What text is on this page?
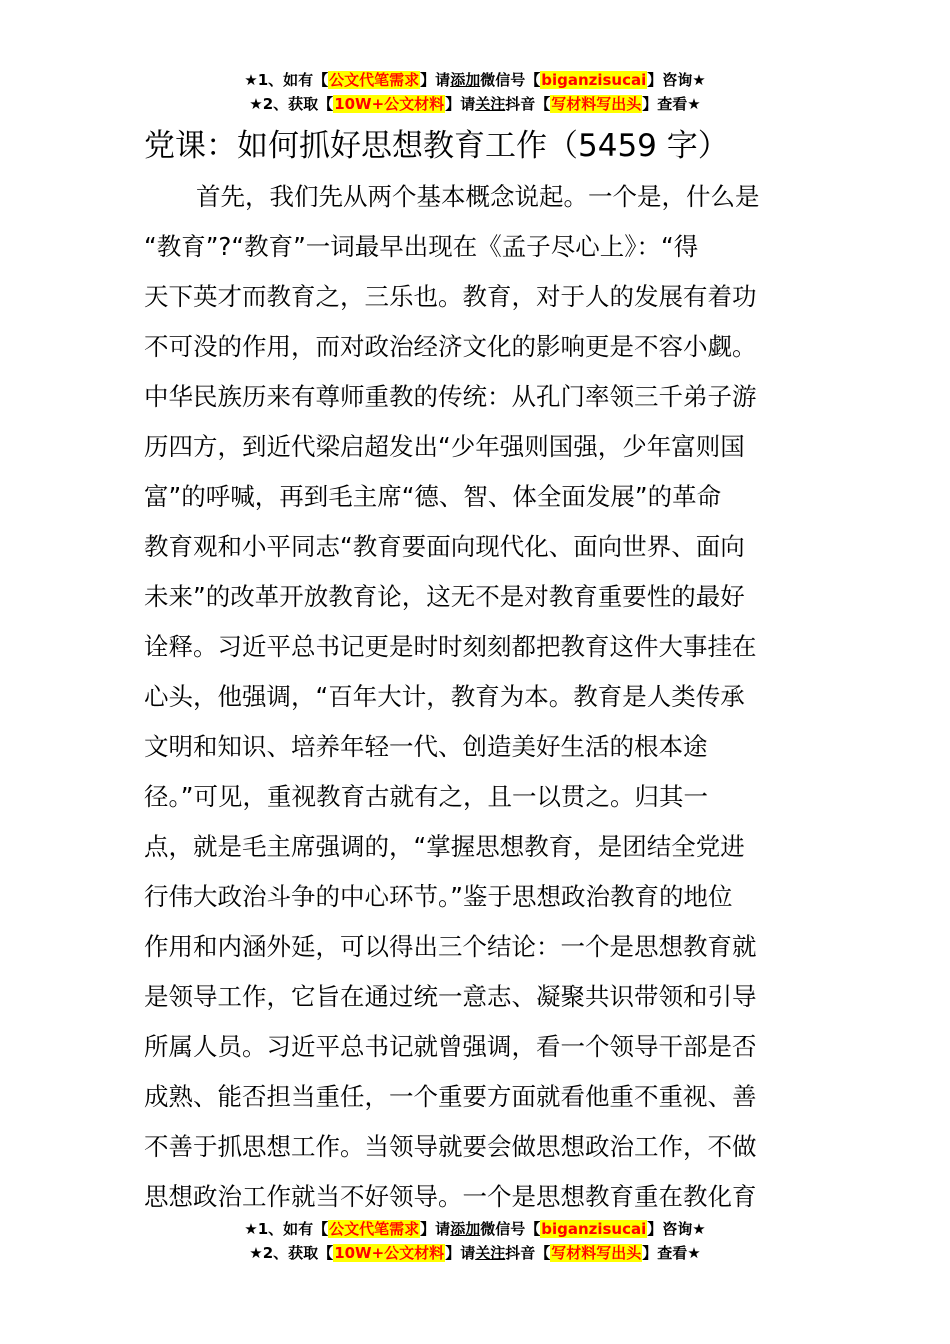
★1、如有【公文代笔需求】请添加微信号【biganzisucai】咨询★
★2、获取【10W+公文材料】请关注抖音【写材料写出头】查看★
党课：如何抓好思想教育工作（5459 字）
首先，我们先从两个基本概念说起。一个是，什么是
“教育”?“教育”一词最早出现在《孟子尽心上》：“得
天下英才而教育之，三乐也。教育，对于人的发展有着功
不可没的作用，而对政治经济文化的影响更是不容小觑。
中华民族历来有尊师重教的传统：从孔门率领三千弟子游
历四方，到近代梁启超发出“少年强则国强，少年富则国
富”的呼喊，再到毛主席“德、智、体全面发展”的革命
教育观和小平同志“教育要面向现代化、面向世界、面向
未来”的改革开放教育论，这无不是对教育重要性的最好
诠释。习近平总书记更是时时刻刻都把教育这件大事挂在
心头，他强调，“百年大计，教育为本。教育是人类传承
文明和知识、培养年轻一代、创造美好生活的根本途
径。”可见，重视教育古就有之，且一以贯之。归其一
点，就是毛主席强调的，“掌握思想教育，是团结全党进
行伟大政治斗争的中心环节。”鉴于思想政治教育的地位
作用和内涵外延，可以得出三个结论：一个是思想教育就
是领导工作，它旨在通过统一意志、凝聚共识带领和引导
所属人员。习近平总书记就曾强调，看一个领导干部是否
成熟、能否担当重任，一个重要方面就看他重不重视、善
不善于抓思想工作。当领导就要会做思想政治工作，不做
思想政治工作就当不好领导。一个是思想教育重在教化育
★1、如有【公文代笔需求】请添加微信号【biganzisucai】咨询★
★2、获取【10W+公文材料】请关注抖音【写材料写出头】查看★
